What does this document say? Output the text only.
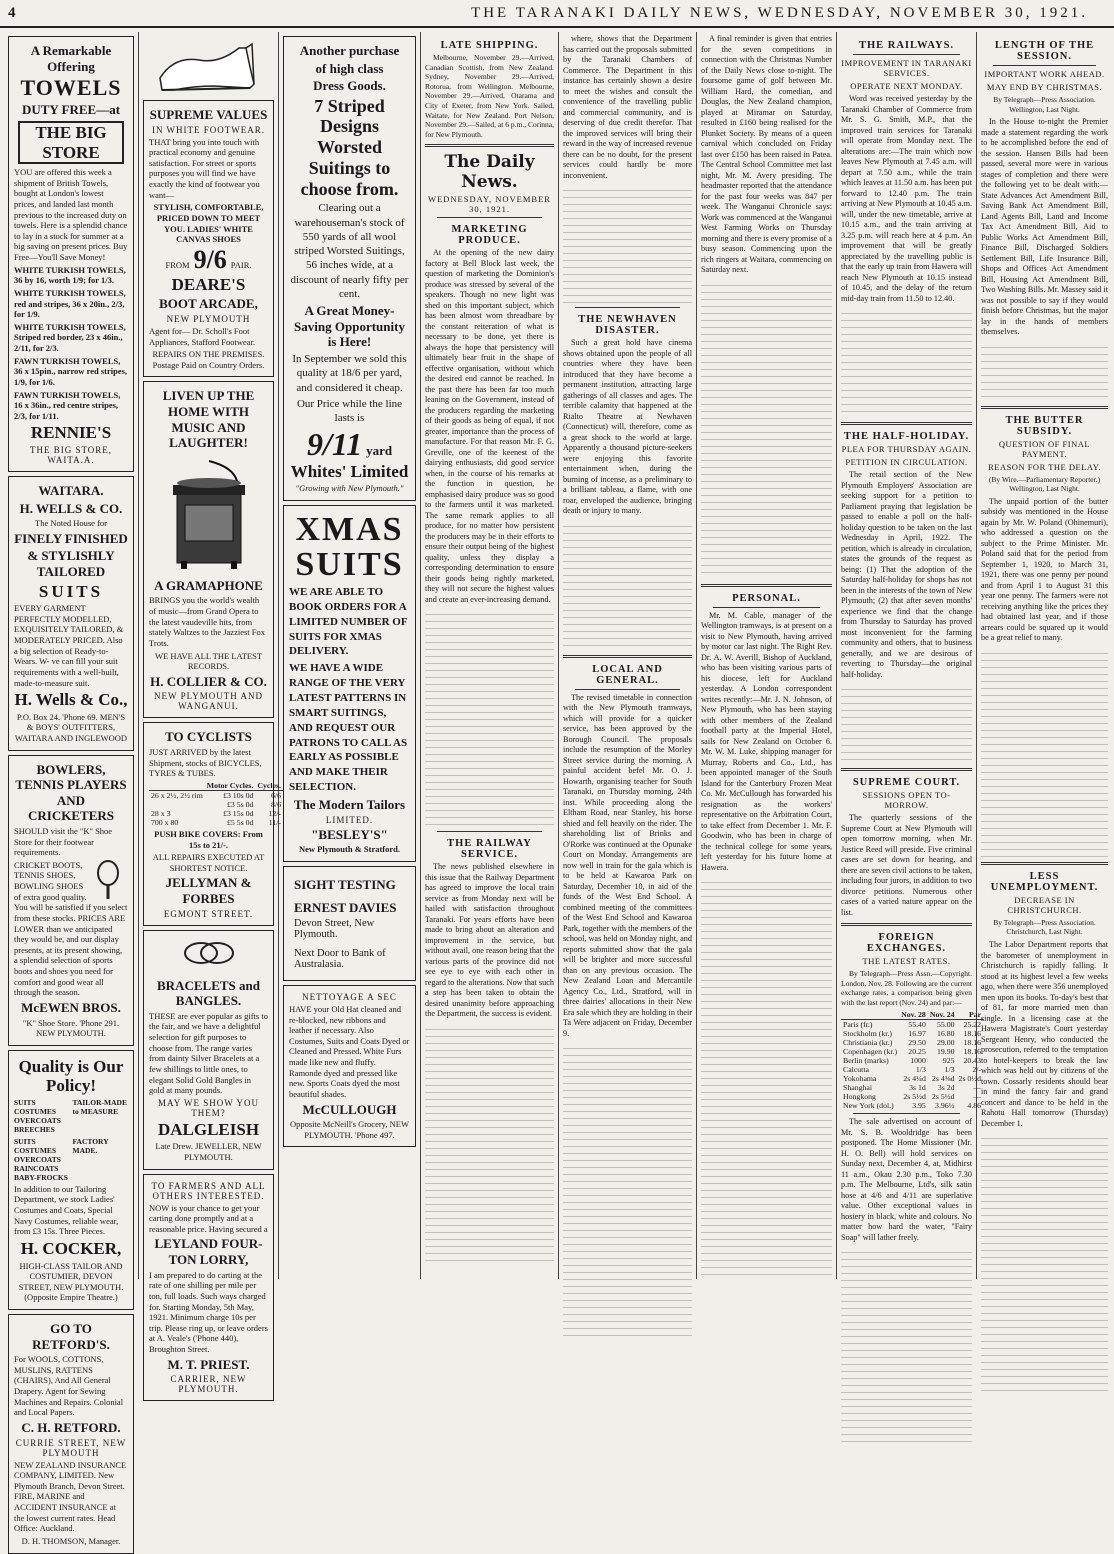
4	THE TARANAKI DAILY NEWS, WEDNESDAY, NOVEMBER 30, 1921.

A Remarkable Offering

TOWELS

DUTY FREE—at

THE BIG STORE

YOU are offered this week a shipment of British Towels, bought at London's lowest prices, and landed last month previous to the increased duty on towels. Here is a splendid chance to lay in a stock for summer at a big saving on present prices. Buy Free—You'll Save Money!

WHITE TURKISH TOWELS, 36 by 16, worth 1/9; for 1/3.

WHITE TURKISH TOWELS, red and stripes, 36 x 20in., 2/3, for 1/9.

WHITE TURKISH TOWELS, Striped red border, 23 x 46in., 2/11, for 2/3.

FAWN TURKISH TOWELS, 36 x 15pin., narrow red stripes, 1/9, for 1/6.

FAWN TURKISH TOWELS, 16 x 36in., red centre stripes, 2/3, for 1/11.

RENNIE'S

THE BIG STORE, WAITA.A.

WAITARA.

H. WELLS & CO.

The Noted House for

FINELY FINISHED

& STYLISHLY TAILORED

SUITS

EVERY GARMENT PERFECTLY MODELLED, EXQUISITELY TAILORED, & MODERATELY PRICED. Also a big selection of Ready-to-Wears. W- ve can fill your suit requirements with a well-built, made-to-measure suit.

H. Wells & Co.,

P.O. Box 24. 'Phone 69. MEN'S & BOYS' OUTFITTERS, WAITARA AND INGLEWOOD

BOWLERS, TENNIS PLAYERS AND CRICKETERS

SHOULD visit the "K" Shoe Store for their footwear requirements.

CRICKET BOOTS, TENNIS SHOES, BOWLING SHOES of extra good quality. You will be satisfied if you select from these stocks. PRICES ARE LOWER than we anticipated they would be, and our display presents, at its present showing, a splendid selection of sports boots and shoes you need for comfort and good wear all through the season.

McEWEN BROS.

"K" Shoe Store. 'Phone 291. NEW PLYMOUTH.

Quality is Our Policy!

SUITS COSTUMES OVERCOATS BREECHES
TAILOR-MADE to MEASURE
SUITS COSTUMES OVERCOATS RAINCOATS BABY-FROCKS
FACTORY MADE.

In addition to our Tailoring Department, we stock Ladies' Costumes and Coats, Special Navy Costumes, reliable wear, from £3 15s. Three Pieces.

H. COCKER,

HIGH-CLASS TAILOR AND COSTUMIER, DEVON STREET, NEW PLYMOUTH. (Opposite Empire Theatre.)

GO TO RETFORD'S.

For WOOLS, COTTONS, MUSLINS, RATTENS (CHAIRS), And All General Drapery. Agent for Sewing Machines and Repairs. Colonial and Local Papers.

C. H. RETFORD.

CURRIE STREET, NEW PLYMOUTH

NEW ZEALAND INSURANCE COMPANY, LIMITED. New Plymouth Branch, Devon Street. FIRE, MARINE and ACCIDENT INSURANCE at the lowest current rates. Head Office: Auckland.

D. H. THOMSON, Manager.

SUPREME VALUES

IN WHITE FOOTWEAR.

THAT bring you into touch with practical economy and genuine satisfaction. For street or sports purposes you will find we have exactly the kind of footwear you want—

STYLISH, COMFORTABLE, PRICED DOWN TO MEET YOU. LADIES' WHITE CANVAS SHOES

FROM 9/6 PAIR.

DEARE'S

BOOT ARCADE,

NEW PLYMOUTH

Agent for— Dr. Scholl's Foot Appliances, Stafford Footwear.

REPAIRS ON THE PREMISES. Postage Paid on Country Orders.

LIVEN UP THE HOME WITH MUSIC AND LAUGHTER!

A GRAMAPHONE

BRINGS you the world's wealth of music—from Grand Opera to the latest vaudeville hits, from stately Waltzes to the Jazziest Fox Trots.

WE HAVE ALL THE LATEST RECORDS.

H. COLLIER & CO.

NEW PLYMOUTH AND WANGANUI.

TO CYCLISTS

JUST ARRIVED by the latest Shipment, stocks of BICYCLES, TYRES & TUBES.

	Motor Cycles.	Cycles.
26 x 2½, 2½ rim	£3 10s 0d	6/6
	£3 5s 0d	8/6
28 x 3	£3 15s 0d	12/-
700 x 80	£5 5s 0d	11/-

PUSH BIKE COVERS: From 15s to 21/-.

ALL REPAIRS EXECUTED AT SHORTEST NOTICE.

JELLYMAN & FORBES

EGMONT STREET.

BRACELETS and BANGLES.

THESE are ever popular as gifts to the fair, and we have a delightful selection for gift purposes to choose from. The range varies from dainty Silver Bracelets at a few shillings to little ones, to elegant Solid Gold Bangles in gold at many pounds.

MAY WE SHOW YOU THEM?

DALGLEISH

Late Drew. JEWELLER, NEW PLYMOUTH.

TO FARMERS AND ALL OTHERS INTERESTED.

NOW is your chance to get your carting done promptly and at a reasonable price. Having secured a

LEYLAND FOUR-TON LORRY,

I am prepared to do carting at the rate of one shilling per mile per ton, full loads. Such ways charged for. Starting Monday, 5th May, 1921. Minimum charge 10s per trip. Please ring up, or leave orders at A. Veale's ('Phone 440), Broughton Street.

M. T. PRIEST.

CARRIER, NEW PLYMOUTH.

Another purchase

of high class

Dress Goods.

7 Striped Designs Worsted Suitings to choose from.

Clearing out a warehouseman's stock of 550 yards of all wool striped Worsted Suitings, 56 inches wide, at a discount of nearly fifty per cent.

A Great Money-Saving Opportunity is Here!

In September we sold this quality at 18/6 per yard, and considered it cheap.

Our Price while the line lasts is

9/11 yard

Whites' Limited

"Growing with New Plymouth."

XMAS SUITS

WE ARE ABLE TO BOOK ORDERS FOR A LIMITED NUMBER OF SUITS FOR XMAS DELIVERY.

WE HAVE A WIDE RANGE OF THE VERY LATEST PATTERNS IN SMART SUITINGS, AND REQUEST OUR PATRONS TO CALL AS EARLY AS POSSIBLE AND MAKE THEIR SELECTION.

The Modern Tailors

LIMITED.

"BESLEY'S"

New Plymouth & Stratford.

SIGHT TESTING

ERNEST DAVIES

Devon Street, New Plymouth.

Next Door to Bank of Australasia.

NETTOYAGE A SEC

HAVE your Old Hat cleaned and re-blocked, new ribbons and leather if necessary. Also Costumes, Suits and Coats Dyed or Cleaned and Pressed. White Furs made like new and fluffy. Ramonde dyed and pressed like new. Sports Coats dyed the most beautiful shades.

McCULLOUGH

Opposite McNeill's Grocery, NEW PLYMOUTH. 'Phone 497.

LATE SHIPPING.

Melbourne, November 29.—Arrived, Canadian Scottish, from New Zealand. Sydney, November 29.—Arrived, Rotorua, from Wellington. Melbourne, November 29.—Arrived, Otarama and City of Exeter, from New York. Sailed, Waitate, for New Zealand. Port Nelson, November 29.—Sailed, at 6 p.m., Corinna, for New Plymouth.

The Daily News.

WEDNESDAY, NOVEMBER 30, 1921.

MARKETING PRODUCE.

At the opening of the new dairy factory at Bell Block last week, the question of marketing the Dominion's produce was stressed by several of the speakers. Though no new light was shed on this important subject, which has been almost worn threadbare by the constant reiteration of what is necessary to be done, yet there is always the hope that persistency will ultimately bear fruit in the shape of effective organisation, without which the desired end cannot be reached. In the past there has been far too much leaning on the Government, instead of the producers regarding the marketing of their goods as being of equal, if not greater, importance than the process of manufacture. For that reason Mr. F. G. Greville, one of the keenest of the dairying enthusiasts, did good service when, in the course of his remarks at the function in question, he emphasised dairy produce was so good to the farmers until it was marketed. The same remark applies to all produce, for no matter how persistent the producers may be in their efforts to ensure their output being of the highest quality, unless they display a corresponding determination to ensure their goods being rightly marketed, they will not secure the highest values and create an ever-increasing demand.

THE RAILWAY SERVICE.

The news published elsewhere in this issue that the Railway Department has agreed to improve the local train service as from Monday next will be hailed with satisfaction throughout Taranaki. For years efforts have been made to bring about an alteration and improvement in the service, but without avail, one reason being that the various parts of the province did not see eye to eye with each other in regard to the alterations. Now that such a step has been taken to obtain the desired unanimity before approaching the Department, the success is evident.

where, shows that the Department has carried out the proposals submitted by the Taranaki Chambers of Commerce. The Department in this instance has certainly shown a desire to meet the wishes and consult the convenience of the travelling public and commercial community, and is deserving of due credit therefor. That the improved services will bring their reward in the way of increased revenue there can be no doubt, for the present services could hardly be more inconvenient.

THE NEWHAVEN DISASTER.

Such a great hold have cinema shows obtained upon the people of all countries where they have been introduced that they have become a permanent institution, attracting large gatherings of all classes and ages. The terrible calamity that happened at the Rialto Theatre at Newhaven (Connecticut) will, therefore, come as a great shock to the world at large. Apparently a thousand picture-seekers were enjoying this favorite entertainment when, during the burning of incense, as a preliminary to a brilliant tableau, a flame, with one roar, enveloped the audience, bringing death or injury to many.

LOCAL AND GENERAL.

The revised timetable in connection with the New Plymouth tramways, which will provide for a quicker service, has been approved by the Borough Council. The proposals include the resumption of the Morley Street service during the morning. A painful accident befel Mr. O. J. Howarth, organising teacher for South Taranaki, on Thursday morning, 24th inst. While proceeding along the Eltham Road, near Stanley, his horse shied and fell heavily on the rider. The shareholding list of Brinks and O'Rorke was continued at the Opunake Court on Monday. Arrangements are now well in train for the gala which is to be held at Kawaroa Park on Saturday, December 10, in aid of the funds of the West End School. A combined meeting of the committees of the West End School and Kawaroa Park, together with the members of the school, was held on Monday night, and reports submitted show that the gala will be brighter and more successful than on any previous occasion. The New Zealand Loan and Mercantile Agency Co., Ltd., Stratford, will in three dairies' allocations in their New Era sale which they are holding in their Ta Were adjacent on Friday, December 9.

A final reminder is given that entries for the seven competitions in connection with the Christmas Number of the Daily News close to-night. The foursome game of golf between Mr. William Hard, the comedian, and Douglas, the New Zealand champion, played at Miramar on Saturday, resulted in £160 being realised for the Plunket Society. By means of a queen carnival which concluded on Friday last over £150 has been raised in Patea. The Central School Committee met last night, Mr. M. Avery presiding. The headmaster reported that the attendance for the past four weeks was 847 per week. The Wanganui Chronicle says: Work was commenced at the Wanganui West Farming Works on Thursday morning and there is every promise of a busy season. Commencing upon the rich ringers at Waitara, commencing on Saturday next.

PERSONAL.

Mr. M. Cable, manager of the Wellington tramways, is at present on a visit to New Plymouth, having arrived by motor car last night. The Right Rev. Dr. A. W. Averill, Bishop of Auckland, who has been visiting various parts of his diocese, left for Auckland yesterday. A London correspondent writes recently:—Mr. J. N. Johnson, of New Plymouth, who has been staying with other members of the Zealand football party at the Imperial Hotel, sails for New Zealand on October 6. Mr. W. M. Luke, shipping manager for Murray, Roberts and Co., Ltd., has been appointed manager of the South Island for the Canterbury Frozen Meat Co. Mr. McCullough has forwarded his resignation as the workers' representative on the Arbitration Court, to take effect from December 1. Mr. F. Goodwin, who has been in charge of the technical college for some years, left yesterday for his future home at Hawera.

THE RAILWAYS.

IMPROVEMENT IN TARANAKI SERVICES.

OPERATE NEXT MONDAY.

Word was received yesterday by the Taranaki Chamber of Commerce from Mr. S. G. Smith, M.P., that the improved train services for Taranaki will operate from Monday next. The alterations are:—The train which now leaves New Plymouth at 7.45 a.m. will depart at 7.50 a.m., while the train which leaves at 11.50 a.m. has been put forward to 12.40 p.m. The train arriving at New Plymouth at 10.45 a.m. will, under the new timetable, arrive at 10.15 a.m., and the train arriving at 3.25 p.m. will reach here at 4 p.m. An improvement that will be greatly appreciated by the travelling public is that the early up train from Hawera will reach New Plymouth at 10.15 instead of 10.45, and the delay of the return mid-day train from 11.50 to 12.40.

THE HALF-HOLIDAY.

PLEA FOR THURSDAY AGAIN.

PETITION IN CIRCULATION.

The retail section of the New Plymouth Employers' Association are seeking support for a petition to Parliament praying that legislation be passed to enable a poll on the half-holiday question to be taken on the last Wednesday in April, 1922. The petition, which is already in circulation, states the grounds of the request as being: (1) That the adoption of the Saturday half-holiday for shops has not been in the interests of the town of New Plymouth; (2) that after seven months' experience we find that the change from Thursday to Saturday has proved most inconvenient for the farming community and others, that to business generally, and we are desirous of reverting to Thursday—the original half-holiday.

SUPREME COURT.

SESSIONS OPEN TO-MORROW.

The quarterly sessions of the Supreme Court at New Plymouth will open tomorrow morning, when Mr. Justice Reed will preside. Five criminal cases are set down for hearing, and there are seven civil actions to be taken, including four jurors, in addition to two divorce petitions. Numerous other cases of a varied nature appear on the list.

FOREIGN EXCHANGES.

THE LATEST RATES.

By Telegraph—Press Assn.—Copyright. London, Nov. 28. Following are the current exchange rates, a comparison being given with the last report (Nov. 24) and par:—

	Nov. 28	Nov. 24	Par
Paris (fr.)	55.40	55.00	25.22
Stockholm (kr.)	16.97	16.80	18.16
Christiania (kr.)	29.50	29.00	18.16
Copenhagen (kr.)	20.25	19.90	18.16
Berlin (marks)	1000	925	20.43
Calcutta	1/3	1/3	2/-
Yokohama	2s 4¼d	2s 4⅜d	2s 0½d
Shanghai	3s 1d	3s 2d	—
Hongkong	2s 5½d	2s 5½d	—
New York (dol.)	3.95	3.96½	4.86

The sale advertised on account of Mr. S. B. Wooldridge has been postponed. The Home Missioner (Mr. H. O. Bell) will hold services on Sunday next, December 4, at, Midhirst 11 a.m., Okau 2.30 p.m., Toko 7.30 p.m. The Melbourne, Ltd's, silk satin hose at 4/6 and 4/11 are superlative value. Other exceptional values in hosiery in black, white and colours. No matter how hard the water, "Fairy Soap" will lather freely.

LENGTH OF THE SESSION.

IMPORTANT WORK AHEAD.

MAY END BY CHRISTMAS.

By Telegraph—Press Association. Wellington, Last Night.

In the House to-night the Premier made a statement regarding the work to be accomplished before the end of the session. Hansen Bills had been passed, several more were in various stages of completion and there were the following yet to be dealt with:—State Advances Act Amendment Bill, Saving Bank Act Amendment Bill, Land Agents Bill, Land and Income Tax Act Amendment Bill, Aid to Public Works Act Amendment Bill, Finance Bill, Discharged Soldiers Settlement Bill, Life Insurance Bill, Shops and Offices Act Amendment Bill, Housing Act Amendment Bill, Two Washing Bills. Mr. Massey said it was not possible to say if they would finish before Christmas, but the major lay in the hands of members themselves.

THE BUTTER SUBSIDY.

QUESTION OF FINAL PAYMENT.

REASON FOR THE DELAY.

(By Wire.—Parliamentary Reporter.) Wellington, Last Night.

The unpaid portion of the butter subsidy was mentioned in the House again by Mr. W. Poland (Ohinemuri), who addressed a question on the subject to the Prime Minister. Mr. Poland said that for the period from September 1, 1920, to March 31, 1921, there was one penny per pound and from April 1 to August 31 this year one penny. The farmers were not receiving anything like the prices they had obtained last year, and if those arrears could be squared up it would be a great relief to many.

LESS UNEMPLOYMENT.

DECREASE IN CHRISTCHURCH.

By Telegraph—Press Association. Christchurch, Last Night.

The Labor Department reports that the barometer of unemployment in Christchurch is rapidly falling. It stood at its highest level a few weeks ago, when there were 356 unemployed men upon its books. To-day's best that of 81, far more married men than single. In a licensing case at the Hawera Magistrate's Court yesterday Sergeant Henry, who conducted the prosecution, referred to the temptation to hotel-keepers to break the law which was held out by citizens of the town. Cossarly residents should bear in mind the fancy fair and grand concert and dance to be held in the Rahotu Hall tomorrow (Thursday) December 1.
